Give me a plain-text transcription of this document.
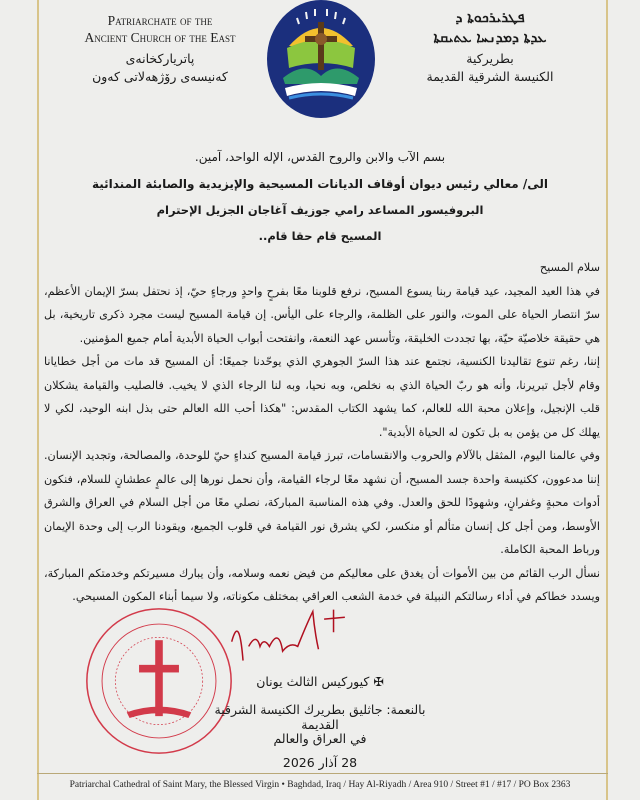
Patriarchate of the
Ancient Church of the East
پاتریارکخانەی
کەنیسەی رۆژهەلاتی کەون
ܦܛܪܝܪܟܘܬܐ ܕ
ܥܕܬܐ ܕܡܕܢܚܐ ܥܬܝܩܬܐ
بطريركية
الكنيسة الشرقية القديمة
بسم الآب والابن والروح القدس، الإله الواحد، آمين.
الى/ معالي رئيس ديوان أوقاف الديانات المسيحية والإيزيدية والصابئة المندائية
البروفيسور المساعد رامي جوزيف آغاجان الجزيل الإحترام
المسيح قام حقا قام..

سلام المسيح

في هذا العيد المجيد، عيد قيامة ربنا يسوع المسيح، نرفع قلوبنا معًا بفرحٍ واحدٍ ورجاءٍ حيّ، إذ نحتفل بسرّ الإيمان الأعظم، سرّ انتصار الحياة على الموت، والنور على الظلمة، والرجاء على اليأس. إن قيامة المسيح ليست مجرد ذكرى تاريخية، بل هي حقيقة خلاصيّة حيّة، بها تجددت الخليقة، وتأسس عهد النعمة، وانفتحت أبواب الحياة الأبدية أمام جميع المؤمنين.

إننا، رغم تنوع تقاليدنا الكنسية، نجتمع عند هذا السرّ الجوهري الذي يوحّدنا جميعًا: أن المسيح قد مات من أجل خطايانا وقام لأجل تبريرنا، وأنه هو ربّ الحياة الذي به نخلص، وبه نحيا، وبه لنا الرجاء الذي لا يخيب. فالصليب والقيامة يشكلان قلب الإنجيل، وإعلان محبة الله للعالم، كما يشهد الكتاب المقدس: "هكذا أحب الله العالم حتى بذل ابنه الوحيد، لكي لا يهلك كل من يؤمن به بل تكون له الحياة الأبدية".

وفي عالمنا اليوم، المثقل بالآلام والحروب والانقسامات، تبرز قيامة المسيح كنداءٍ حيّ للوحدة، والمصالحة، وتجديد الإنسان. إننا مدعوون، ككنيسة واحدة جسد المسيح، أن نشهد معًا لرجاء القيامة، وأن نحمل نورها إلى عالمٍ عطشانٍ للسلام، فنكون أدوات محبةٍ وغفرانٍ، وشهودًا للحق والعدل. وفي هذه المناسبة المباركة، نصلي معًا من أجل السلام في العراق والشرق الأوسط، ومن أجل كل إنسان متألم أو منكسر، لكي يشرق نور القيامة في قلوب الجميع، ويقودنا الرب إلى وحدة الإيمان ورباط المحبة الكاملة.

نسأل الرب القائم من بين الأموات أن يغدق على معاليكم من فيض نعمه وسلامه، وأن يبارك مسيرتكم وخدمتكم المباركة، ويسدد خطاكم في أداء رسالتكم النبيلة في خدمة الشعب العراقي بمختلف مكوناته، ولا سيما أبناء المكون المسيحي.

✠ كيوركيس الثالث يونان
بالنعمة: جاثليق بطريرك الكنيسة الشرقية القديمة
في العراق والعالم
28 آذار 2026
Patriarchal Cathedral of Saint Mary, the Blessed Virgin • Baghdad, Iraq / Hay Al-Riyadh / Area 910 / Street #1 / #17 / PO Box 2363
